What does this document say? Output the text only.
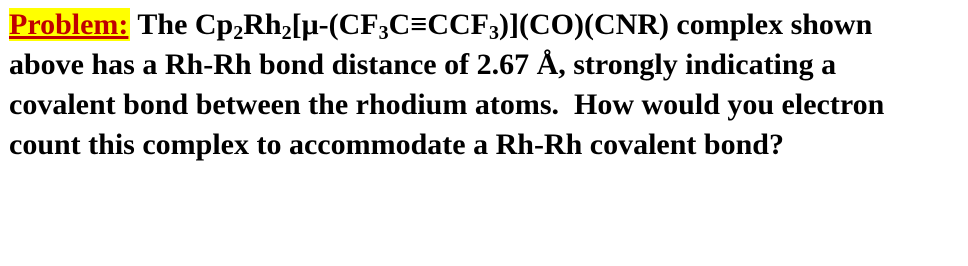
Problem: The $Cp_2Rh_2[\mu-(CF_3C\equiv CCF_3)](CO)(CNR)$ complex shown
above has a Rh-Rh bond distance of 2.67 Å, strongly indicating a
covalent bond between the rhodium atoms.  How would you electron
count this complex to accommodate a Rh-Rh covalent bond?
